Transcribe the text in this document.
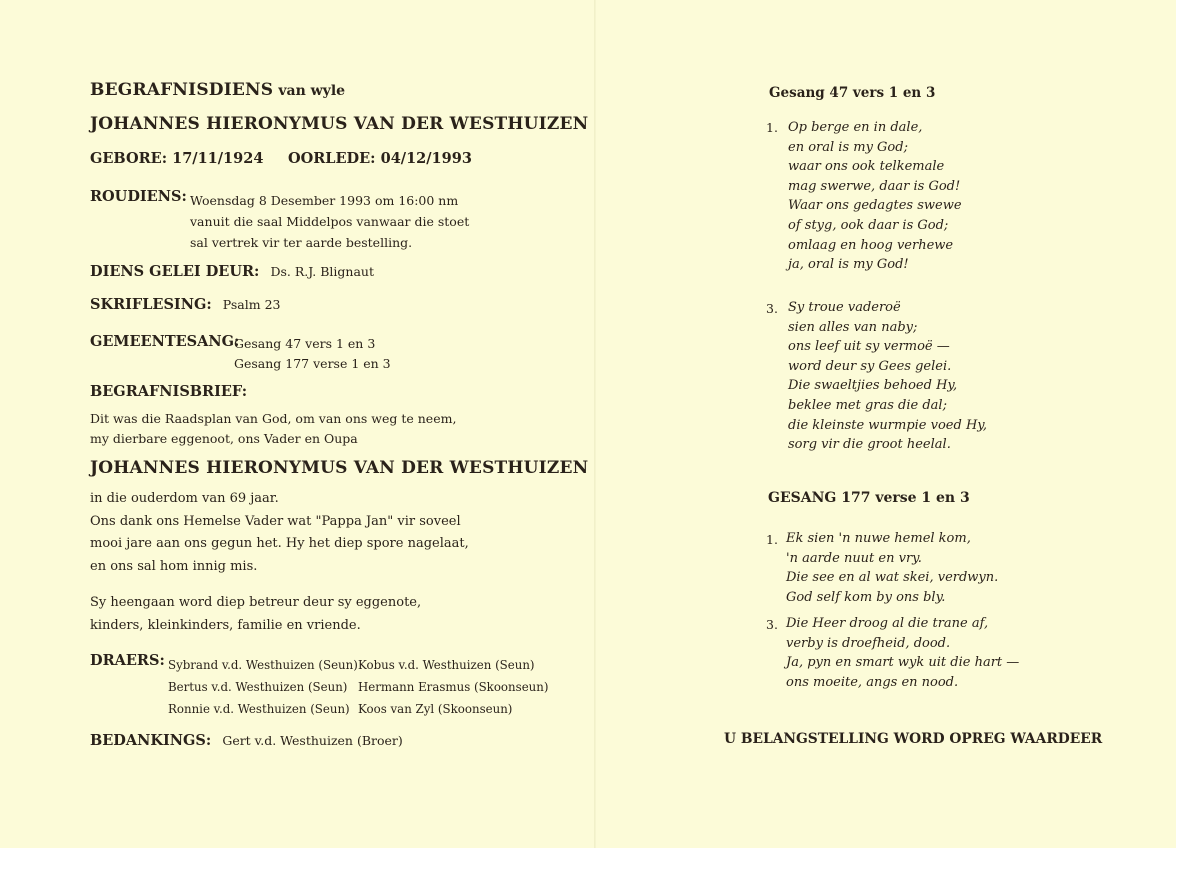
BEGRAFNISDIENS van wyle
JOHANNES HIERONYMUS VAN DER WESTHUIZEN
GEBORE: 17/11/1924 OORLEDE: 04/12/1993
ROUDIENS: Woensdag 8 Desember 1993 om 16:00 nm
vanuit die saal Middelpos vanwaar die stoet
sal vertrek vir ter aarde bestelling.
DIENS GELEI DEUR: Ds. R.J. Blignaut
SKRIFLESING: Psalm 23
GEMEENTESANG:
Gesang 47 vers 1 en 3
Gesang 177 verse 1 en 3
BEGRAFNISBRIEF:
Dit was die Raadsplan van God, om van ons weg te neem,
my dierbare eggenoot, ons Vader en Oupa
JOHANNES HIERONYMUS VAN DER WESTHUIZEN
in die ouderdom van 69 jaar.
Ons dank ons Hemelse Vader wat "Pappa Jan" vir soveel
mooi jare aan ons gegun het. Hy het diep spore nagelaat,
en ons sal hom innig mis.
Sy heengaan word diep betreur deur sy eggenote,
kinders, kleinkinders, familie en vriende.
DRAERS: Sybrand v.d. Westhuizen (Seun)
Bertus v.d. Westhuizen (Seun)
Ronnie v.d. Westhuizen (Seun)
Kobus v.d. Westhuizen (Seun)
Hermann Erasmus (Skoonseun)
Koos van Zyl (Skoonseun)
BEDANKINGS: Gert v.d. Westhuizen (Broer)
Gesang 47 vers 1 en 3
1. Op berge en in dale,
en oral is my God;
waar ons ook telkemale
mag swerwe, daar is God!
Waar ons gedagtes swewe
of styg, ook daar is God;
omlaag en hoog verhewe
ja, oral is my God!
3. Sy troue vaderoë
sien alles van naby;
ons leef uit sy vermoë —
word deur sy Gees gelei.
Die swaeltjies behoed Hy,
beklee met gras die dal;
die kleinste wurmpie voed Hy,
sorg vir die groot heelal.
GESANG 177 verse 1 en 3
1. Ek sien 'n nuwe hemel kom,
'n aarde nuut en vry.
Die see en al wat skei, verdwyn.
God self kom by ons bly.
3. Die Heer droog al die trane af,
verby is droefheid, dood.
Ja, pyn en smart wyk uit die hart —
ons moeite, angs en nood.
U BELANGSTELLING WORD OPREG WAARDEER
